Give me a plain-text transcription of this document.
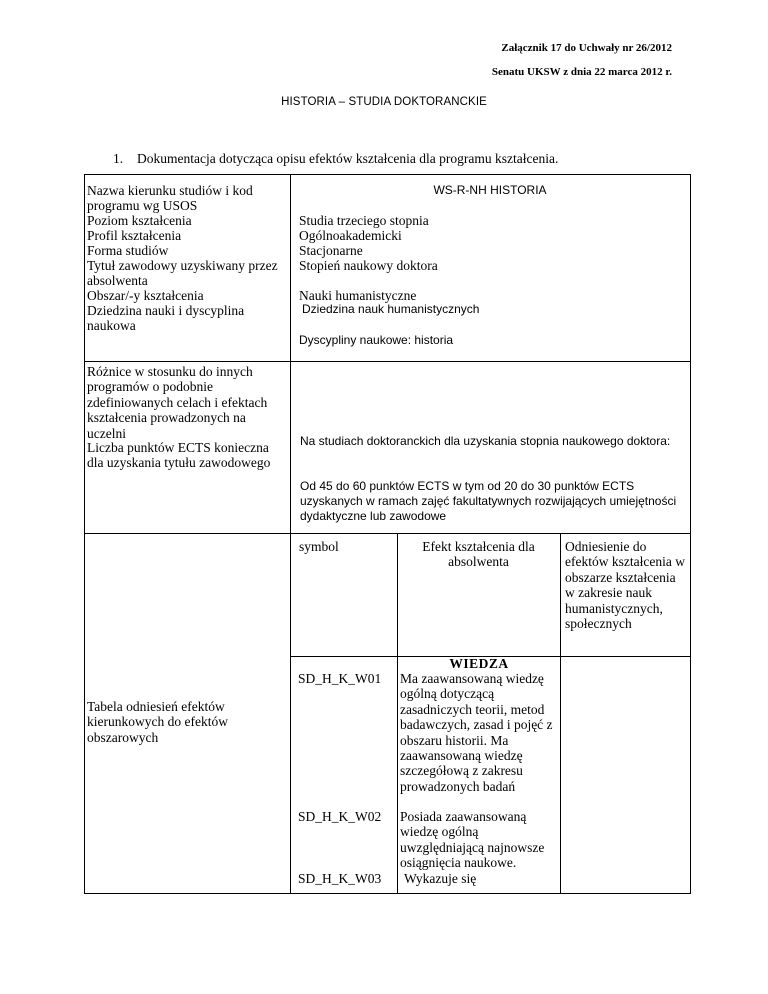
Załącznik 17 do Uchwały nr 26/2012
Senatu UKSW z dnia 22 marca 2012 r.
HISTORIA – STUDIA DOKTORANCKIE
1. Dokumentacja dotycząca opisu efektów kształcenia dla programu kształcenia.
Nazwa kierunku studiów i kod programu wg USOS
Poziom kształcenia
Profil kształcenia
Forma studiów
Tytuł zawodowy uzyskiwany przez absolwenta
Obszar/-y kształcenia
Dziedzina nauki i dyscyplina naukowa
WS-R-NH HISTORIA
Studia trzeciego stopnia
Ogólnoakademicki
Stacjonarne
Stopień naukowy doktora
Nauki humanistyczne
Dziedzina nauk humanistycznych
Dyscypliny naukowe: historia
Różnice w stosunku do innych programów o podobnie zdefiniowanych celach i efektach kształcenia prowadzonych na uczelni
Liczba punktów ECTS konieczna dla uzyskania tytułu zawodowego
Na studiach doktoranckich dla uzyskania stopnia naukowego doktora:
Od 45 do 60 punktów ECTS w tym od 20 do 30 punktów ECTS uzyskanych w ramach zajęć fakultatywnych rozwijających umiejętności dydaktyczne lub zawodowe
Tabela odniesień efektów kierunkowych do efektów obszarowych
symbol	Efekt kształcenia dla absolwenta
Odniesienie do efektów kształcenia w obszarze kształcenia w zakresie nauk humanistycznych, społecznych
WIEDZA
SD_H_K_W01 Ma zaawansowaną wiedzę ogólną dotyczącą zasadniczych teorii, metod badawczych, zasad i pojęć z obszaru historii. Ma zaawansowaną wiedzę szczegółową z zakresu prowadzonych badań
SD_H_K_W02 Posiada zaawansowaną wiedzę ogólną uwzględniającą najnowsze osiągnięcia naukowe.
SD_H_K_W03 Wykazuje się
